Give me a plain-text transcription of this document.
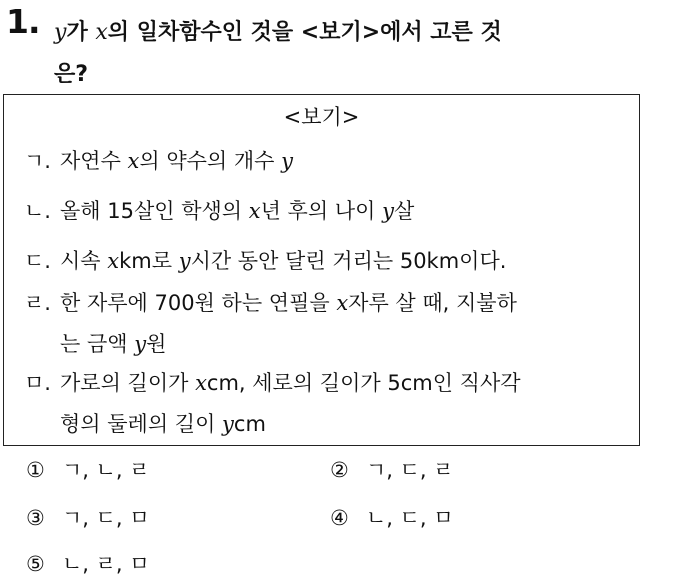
1. y가 x의 일차함수인 것을 <보기>에서 고른 것
은?
<보기>
ㄱ. 자연수 x의 약수의 개수 y
ㄴ. 올해 15살인 학생의 x년 후의 나이 y살
ㄷ. 시속 xkm로 y시간 동안 달린 거리는 50km이다.
ㄹ. 한 자루에 700원 하는 연필을 x자루 살 때, 지불하
는 금액 y원
ㅁ. 가로의 길이가 xcm, 세로의 길이가 5cm인 직사각
형의 둘레의 길이 ycm
① ㄱ, ㄴ, ㄹ	② ㄱ, ㄷ, ㄹ
③ ㄱ, ㄷ, ㅁ	④ ㄴ, ㄷ, ㅁ
⑤ ㄴ, ㄹ, ㅁ
